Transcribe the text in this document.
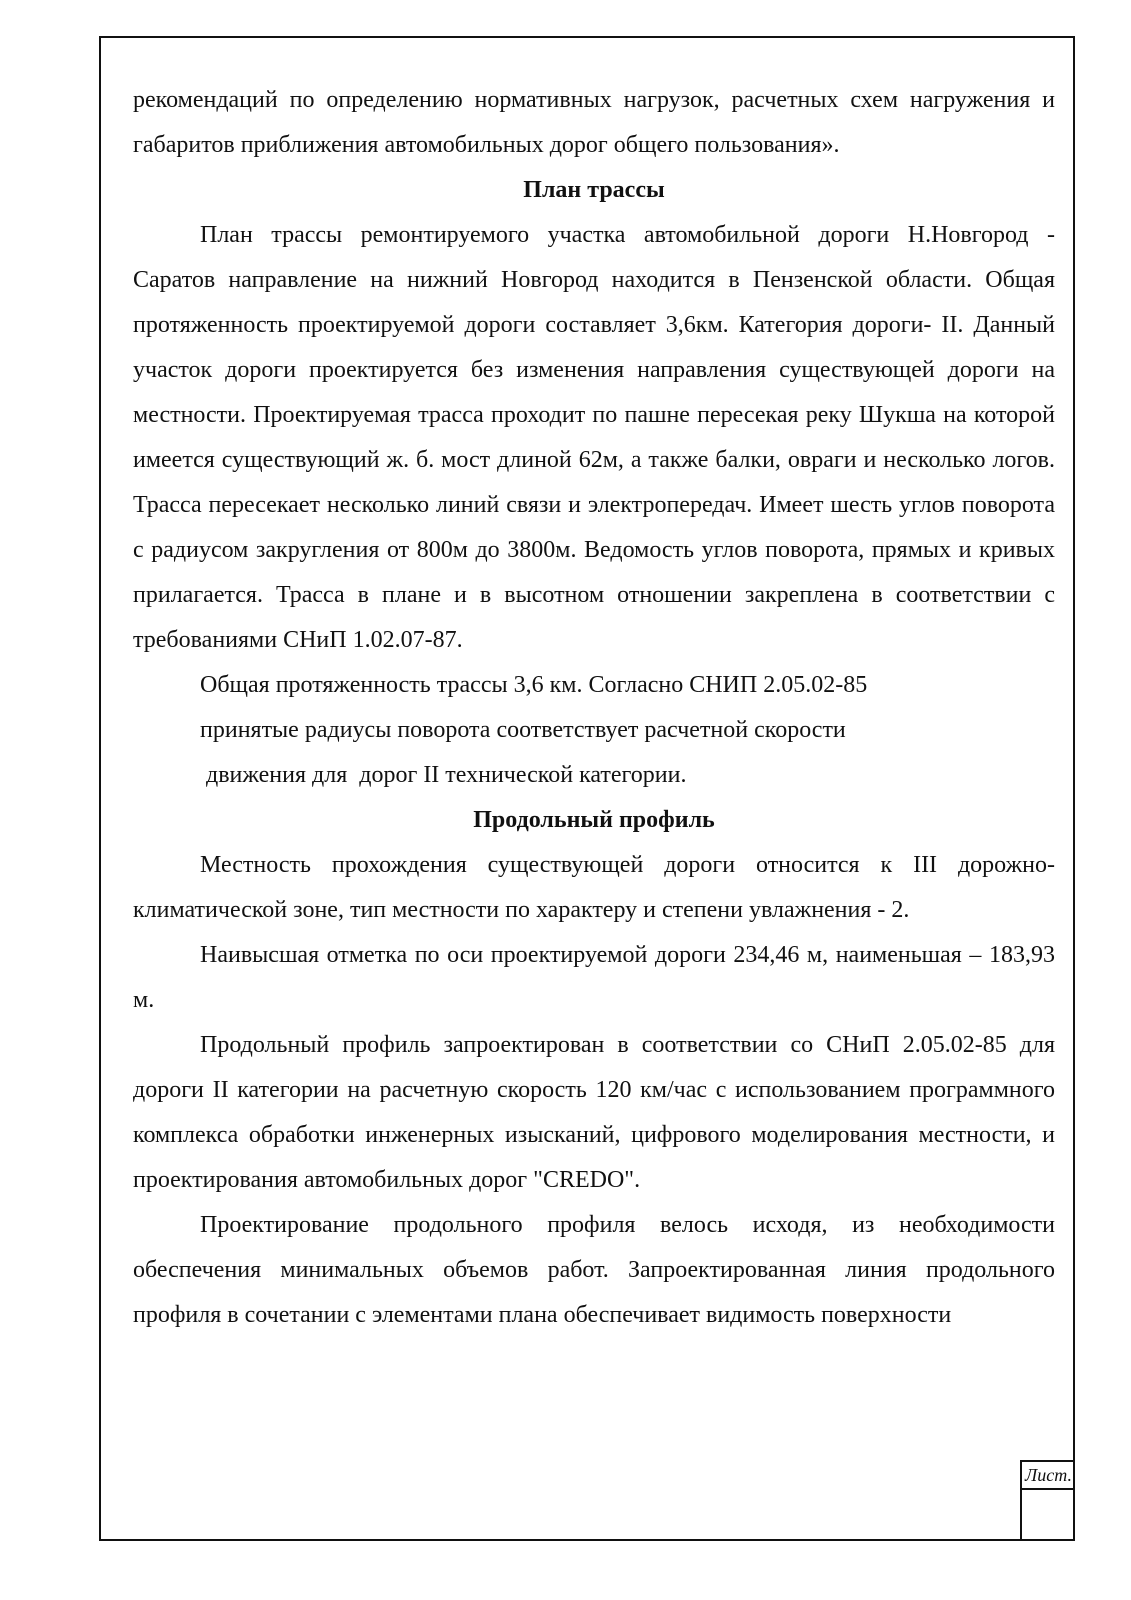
рекомендаций по определению нормативных нагрузок, расчетных схем нагружения и габаритов приближения автомобильных дорог общего пользования».

План трассы

План трассы ремонтируемого участка автомобильной дороги Н.Новгород - Саратов направление на нижний Новгород находится в Пензенской области. Общая протяженность проектируемой дороги составляет 3,6км. Категория дороги- II. Данный участок дороги проектируется без изменения направления существующей дороги на местности. Проектируемая трасса проходит по пашне пересекая реку Шукша на которой имеется существующий ж. б. мост длиной 62м, а также балки, овраги и несколько логов. Трасса пересекает несколько линий связи и электропередач. Имеет шесть углов поворота с радиусом закругления от 800м до 3800м. Ведомость углов поворота, прямых и кривых прилагается. Трасса в плане и в высотном отношении закреплена в соответствии с требованиями СНиП 1.02.07-87.

Общая протяженность трассы 3,6 км. Согласно СНИП 2.05.02-85

принятые радиусы поворота соответствует расчетной скорости

движения для  дорог II технической категории.

Продольный профиль

Местность прохождения существующей дороги относится к III дорожно-климатической зоне, тип местности по характеру и степени увлажнения - 2.

Наивысшая отметка по оси проектируемой дороги 234,46 м, наименьшая – 183,93 м.

Продольный профиль запроектирован в соответствии со СНиП 2.05.02-85 для дороги II категории на расчетную скорость 120 км/час с использованием программного комплекса обработки инженерных изысканий, цифрового моделирования местности, и проектирования автомобильных дорог "CREDO".

Проектирование продольного профиля велось исходя, из необходимости обеспечения минимальных объемов работ. Запроектированная линия продольного профиля в сочетании с элементами плана обеспечивает видимость поверхности

Лист.
